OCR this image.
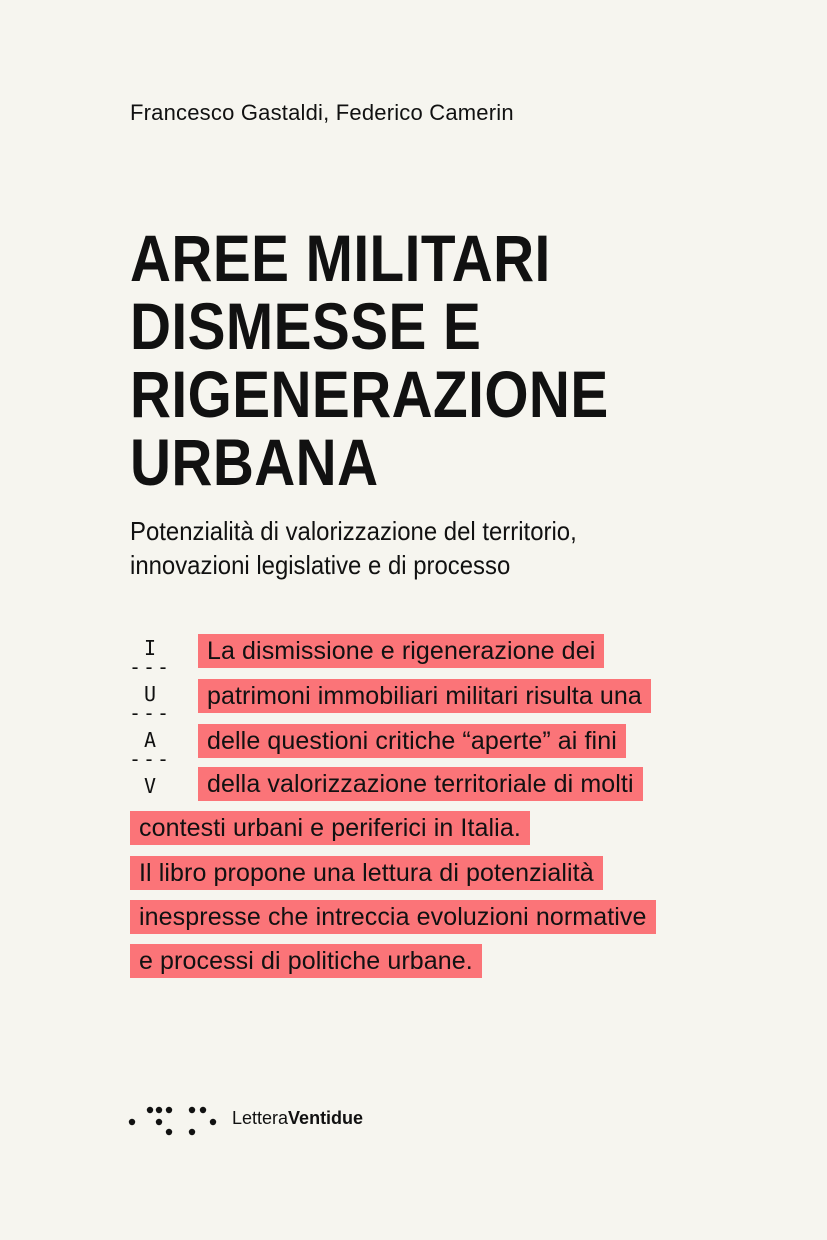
Francesco Gastaldi, Federico Camerin
AREE MILITARI
DISMESSE E
RIGENERAZIONE
URBANA
Potenzialità di valorizzazione del territorio,
innovazioni legislative e di processo
I
---
U
---
A
---
V
La dismissione e rigenerazione dei
patrimoni immobiliari militari risulta una
delle questioni critiche “aperte” ai fini
della valorizzazione territoriale di molti
contesti urbani e periferici in Italia.
Il libro propone una lettura di potenzialità
inespresse che intreccia evoluzioni normative
e processi di politiche urbane.
LetteraVentidue
